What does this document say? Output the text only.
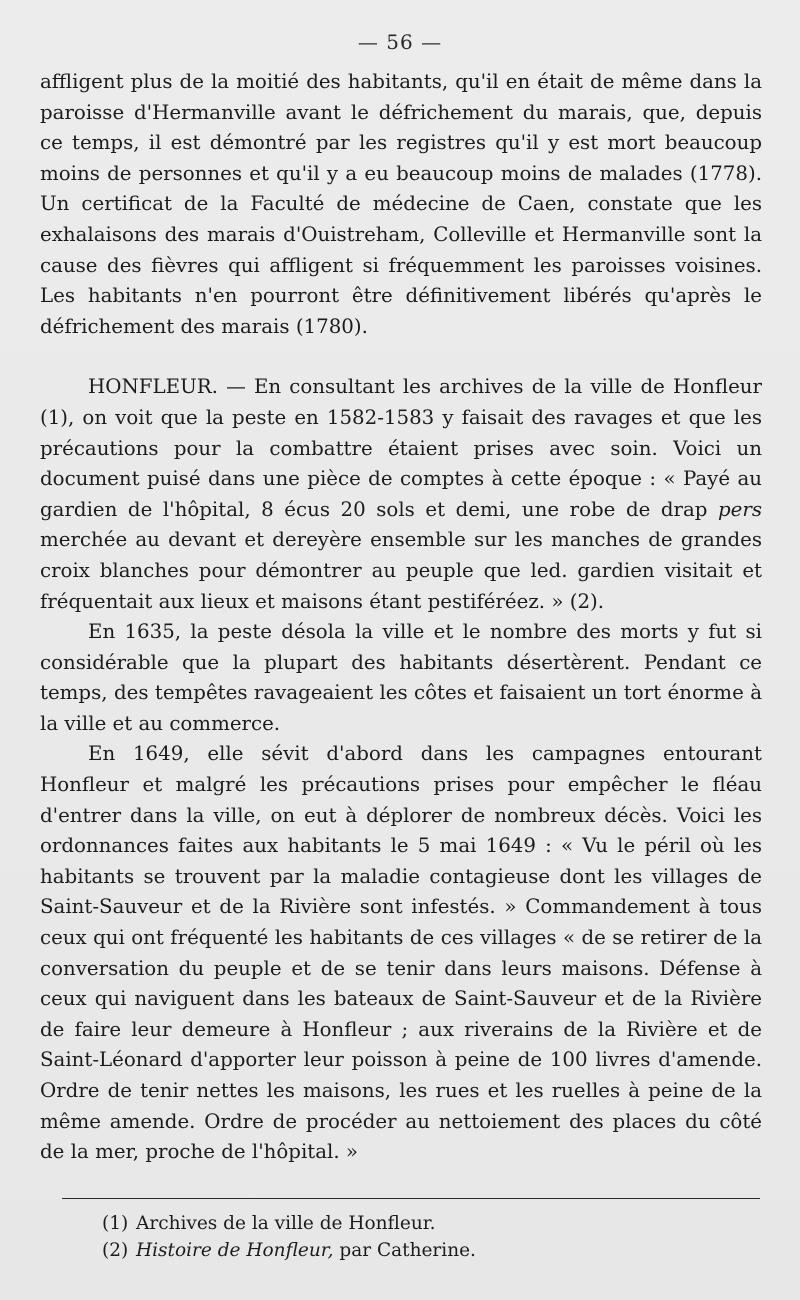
— 56 —

affligent plus de la moitié des habitants, qu'il en était de même dans la paroisse d'Hermanville avant le défrichement du marais, que, depuis ce temps, il est démontré par les registres qu'il y est mort beaucoup moins de personnes et qu'il y a eu beaucoup moins de malades (1778). Un certificat de la Faculté de médecine de Caen, constate que les exhalaisons des marais d'Ouistreham, Colleville et Hermanville sont la cause des fièvres qui affligent si fréquemment les paroisses voisines. Les habitants n'en pourront être définitivement libérés qu'après le défrichement des marais (1780).

HONFLEUR. — En consultant les archives de la ville de Honfleur (1), on voit que la peste en 1582-1583 y faisait des ravages et que les précautions pour la combattre étaient prises avec soin. Voici un document puisé dans une pièce de comptes à cette époque : « Payé au gardien de l'hôpital, 8 écus 20 sols et demi, une robe de drap pers merchée au devant et dereyère ensemble sur les manches de grandes croix blanches pour démontrer au peuple que led. gardien visitait et fréquentait aux lieux et maisons étant pestiféréez. » (2).

En 1635, la peste désola la ville et le nombre des morts y fut si considérable que la plupart des habitants désertèrent. Pendant ce temps, des tempêtes ravageaient les côtes et faisaient un tort énorme à la ville et au commerce.

En 1649, elle sévit d'abord dans les campagnes entourant Honfleur et malgré les précautions prises pour empêcher le fléau d'entrer dans la ville, on eut à déplorer de nombreux décès. Voici les ordonnances faites aux habitants le 5 mai 1649 : « Vu le péril où les habitants se trouvent par la maladie contagieuse dont les villages de Saint-Sauveur et de la Rivière sont infestés. » Commandement à tous ceux qui ont fréquenté les habitants de ces villages « de se retirer de la conversation du peuple et de se tenir dans leurs maisons. Défense à ceux qui naviguent dans les bateaux de Saint-Sauveur et de la Rivière de faire leur demeure à Honfleur ; aux riverains de la Rivière et de Saint-Léonard d'apporter leur poisson à peine de 100 livres d'amende. Ordre de tenir nettes les maisons, les rues et les ruelles à peine de la même amende. Ordre de procéder au nettoiement des places du côté de la mer, proche de l'hôpital. »

(1) Archives de la ville de Honfleur.

(2) Histoire de Honfleur, par Catherine.
